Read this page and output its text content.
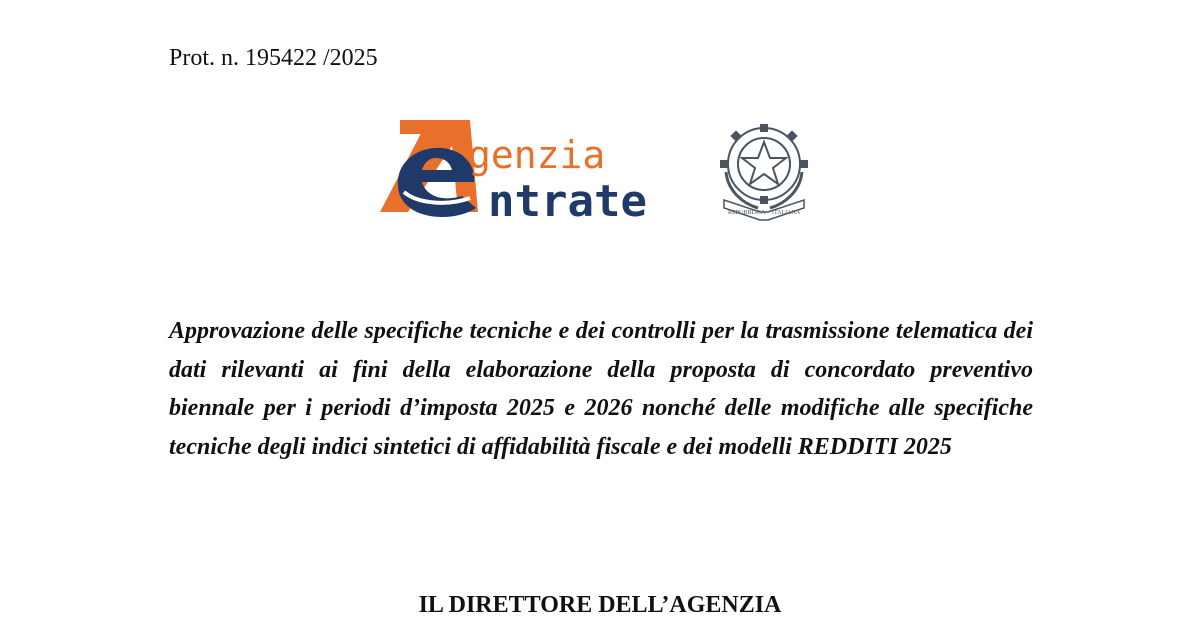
Prot. n. 195422 /2025
genzia
ntrate	REPUBBLICA ITALIANA
Approvazione delle specifiche tecniche e dei controlli per la trasmissione telematica dei dati rilevanti ai fini della elaborazione della proposta di concordato preventivo biennale per i periodi d’imposta 2025 e 2026 nonché delle modifiche alle specifiche tecniche degli indici sintetici di affidabilità fiscale e dei modelli REDDITI 2025
IL DIRETTORE DELL’AGENZIA
